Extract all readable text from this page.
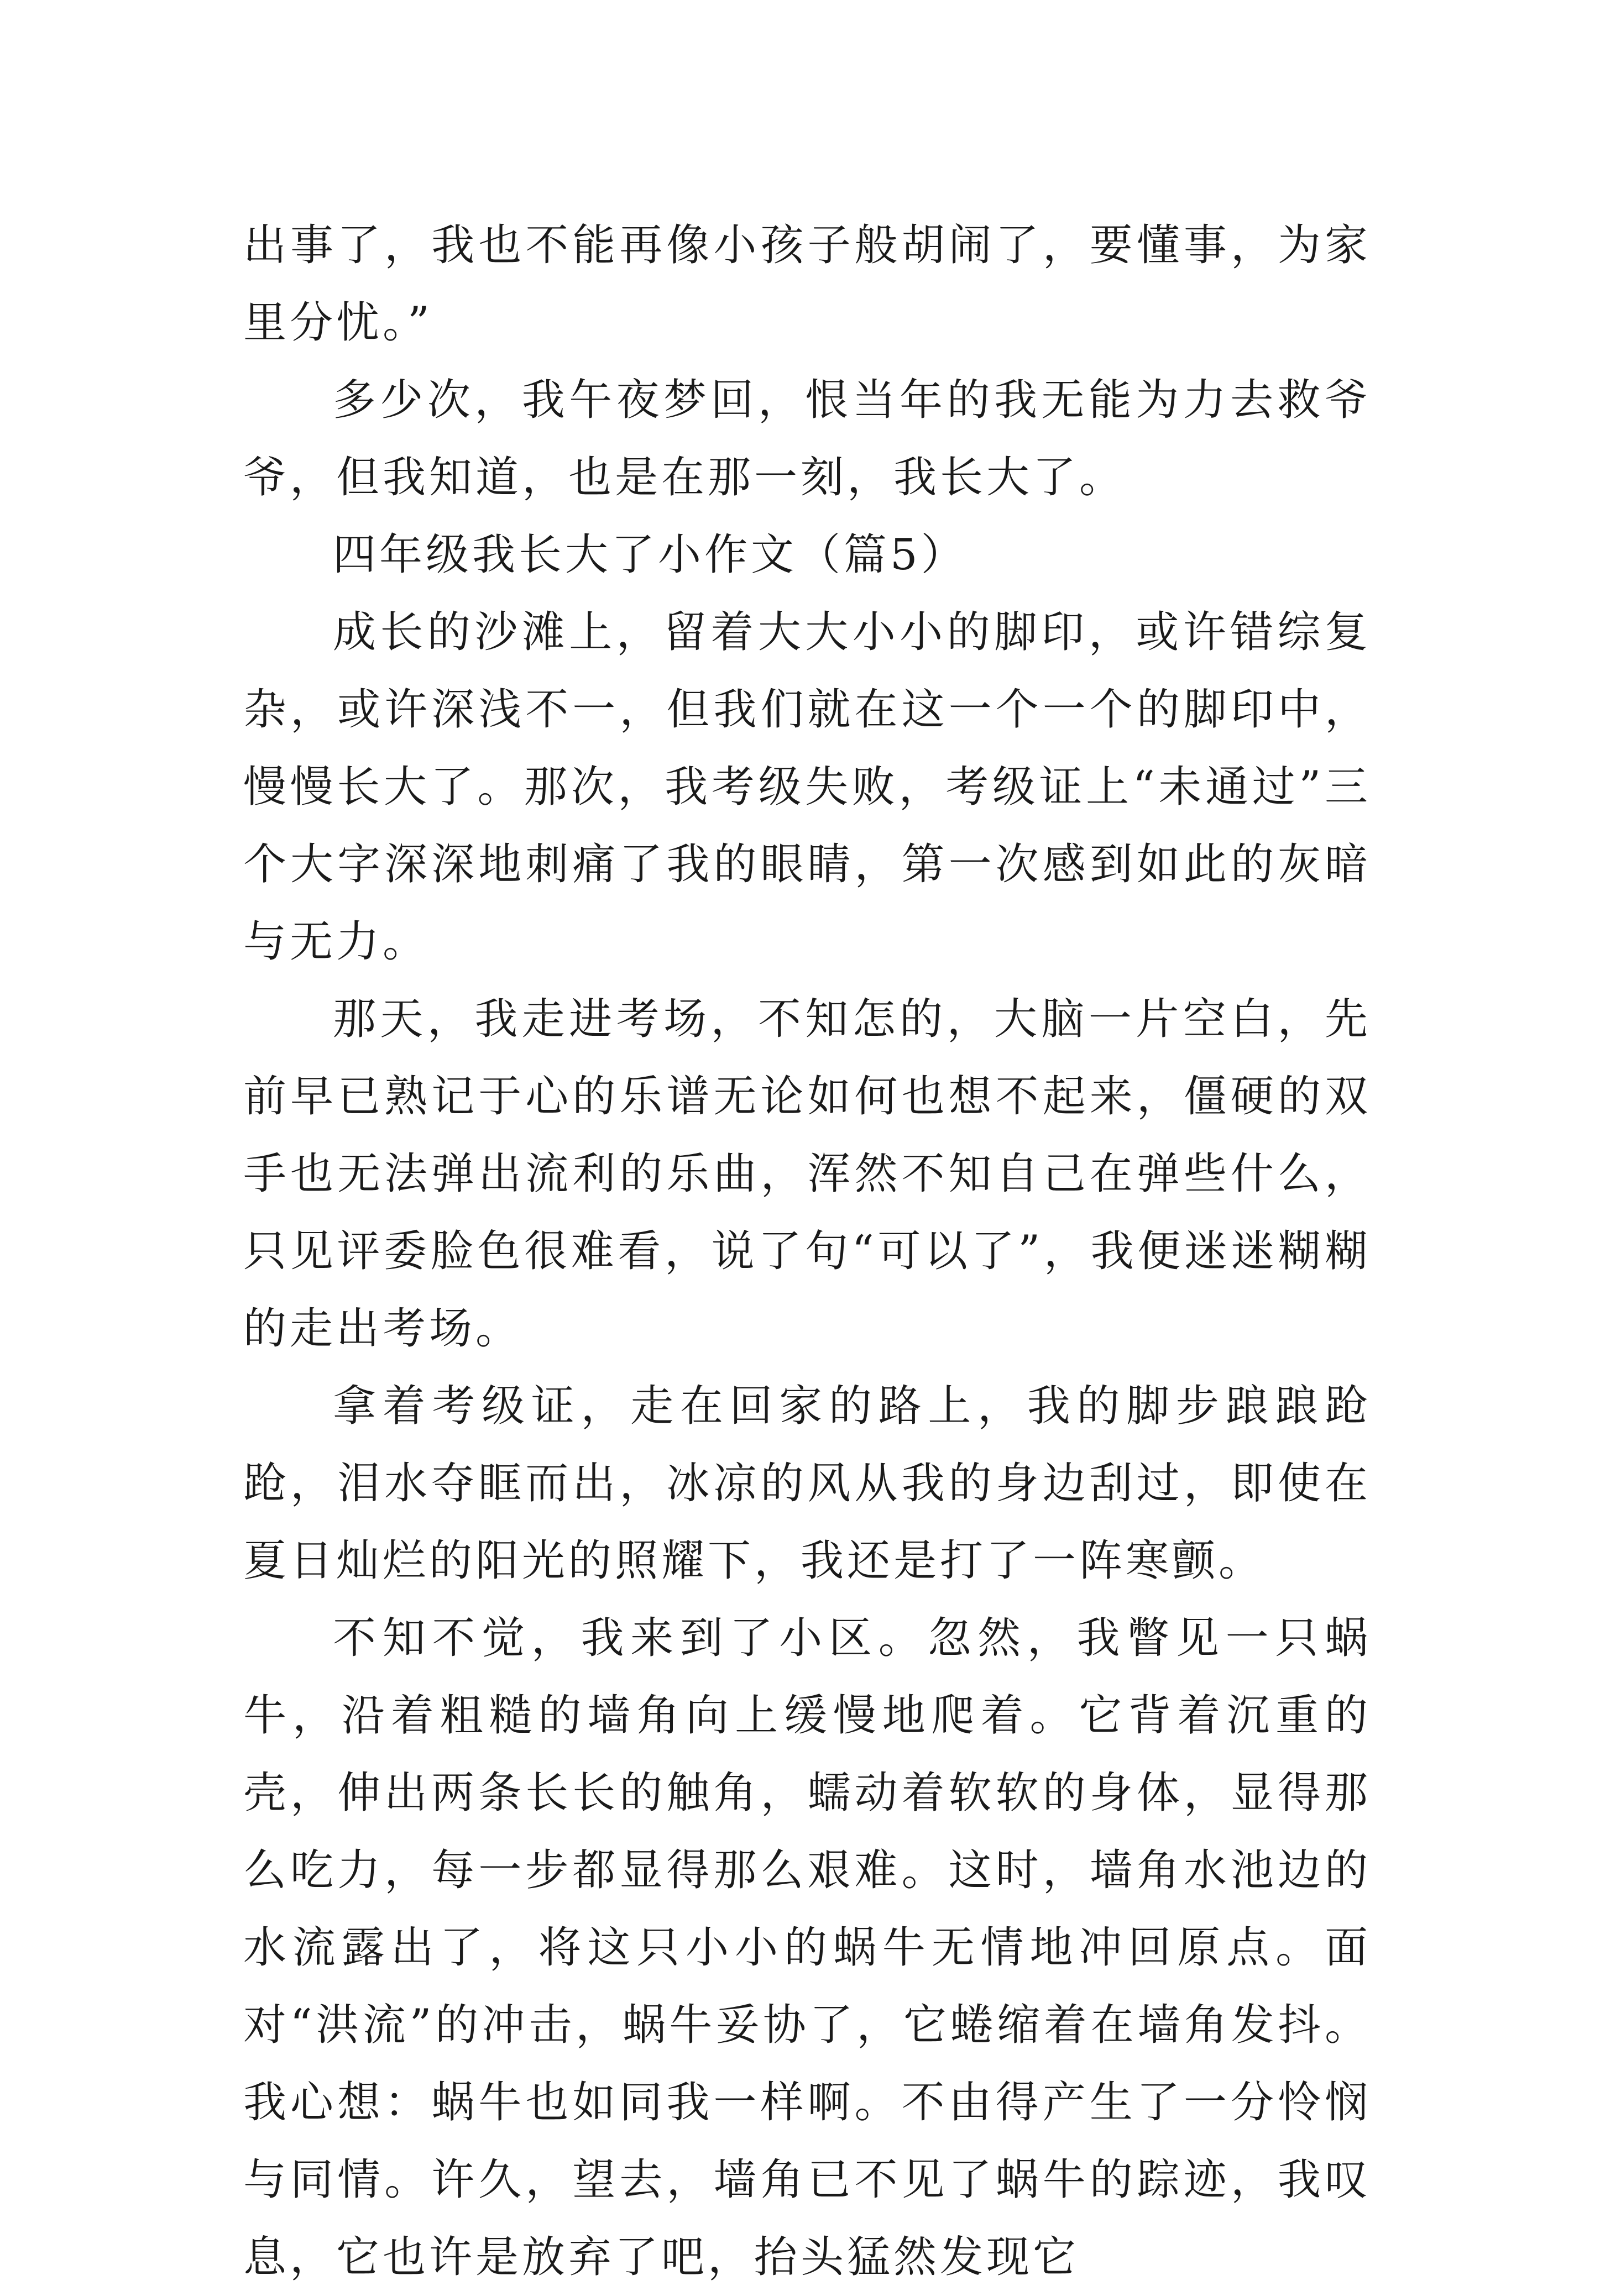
出事了，我也不能再像小孩子般胡闹了，要懂事，为家里分忧。”

多少次，我午夜梦回，恨当年的我无能为力去救爷爷，但我知道，也是在那一刻，我长大了。

四年级我长大了小作文（篇5）

成长的沙滩上，留着大大小小的脚印，或许错综复杂，或许深浅不一，但我们就在这一个一个的脚印中，慢慢长大了。那次，我考级失败，考级证上“未通过”三个大字深深地刺痛了我的眼睛，第一次感到如此的灰暗与无力。

那天，我走进考场，不知怎的，大脑一片空白，先前早已熟记于心的乐谱无论如何也想不起来，僵硬的双手也无法弹出流利的乐曲，浑然不知自己在弹些什么，只见评委脸色很难看，说了句“可以了”，我便迷迷糊糊的走出考场。

拿着考级证，走在回家的路上，我的脚步踉踉跄跄，泪水夺眶而出，冰凉的风从我的身边刮过，即使在夏日灿烂的阳光的照耀下，我还是打了一阵寒颤。

不知不觉，我来到了小区。忽然，我瞥见一只蜗牛，沿着粗糙的墙角向上缓慢地爬着。它背着沉重的壳，伸出两条长长的触角，蠕动着软软的身体，显得那么吃力，每一步都显得那么艰难。这时，墙角水池边的水流露出了，将这只小小的蜗牛无情地冲回原点。面对“洪流”的冲击，蜗牛妥协了，它蜷缩着在墙角发抖。我心想：蜗牛也如同我一样啊。不由得产生了一分怜悯与同情。许久，望去，墙角已不见了蜗牛的踪迹，我叹息，它也许是放弃了吧，抬头猛然发现它
